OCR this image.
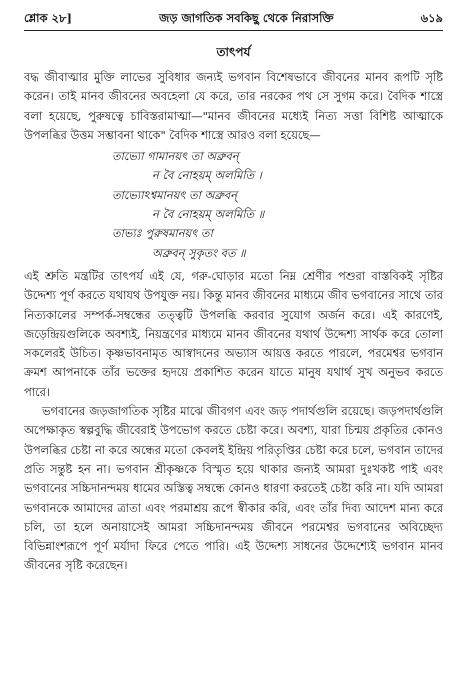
শ্লোক ২৮]	জড় জাগতিক সবকিছু থেকে নিরাসক্তি	৬১৯
তাৎপর্য

বদ্ধ জীবাত্মার মুক্তি লাভের সুবিধার জন্যই ভগবান বিশেষভাবে জীবনের মানব রূপটি সৃষ্টি করেন। তাই মানব জীবনের অবহেলা যে করে, তার নরকের পথ সে সুগম করে। বৈদিক শাস্ত্রে বলা হয়েছে, পুরুষত্বে চাবিস্তরামাত্মা—"মানব জীবনের মধ্যেই নিত্য সত্তা বিশিষ্ট আত্মাকে উপলব্ধির উত্তম সম্ভাবনা থাকে" বৈদিক শাস্ত্রে আরও বলা হয়েছে—

তাভ্যো গামানয়ৎ তা অব্রুবন্
ন বৈ নোহয়ম্ অলমিতি ।
তাভ্যোঽশ্বমানয়ৎ তা অব্রুবন্
ন বৈ নোহয়ম্ অলমিতি ॥
তাভ্যঃ পুরুষমানয়ৎ তা
অব্রুবন্ সুকৃতং বত ॥

এই শ্রুতি মন্ত্রটির তাৎপর্য এই যে, গরু-ঘোড়ার মতো নিম্ন শ্রেণীর পশুরা বাস্তবিকই সৃষ্টির উদ্দেশ্য পূর্ণ করতে যথাযথ উপযুক্ত নয়। কিন্তু মানব জীবনের মাধ্যমে জীব ভগবানের সাথে তার নিত্যকালের সম্পর্ক-সম্বন্ধের তত্ত্বটি উপলব্ধি করবার সুযোগ অর্জন করে। এই কারণেই, জড়েন্দ্রিয়গুলিকে অবশ্যই, নিয়ন্ত্রণের মাধ্যমে মানব জীবনের যথার্থ উদ্দেশ্য সার্থক করে তোলা সকলেরই উচিত। কৃষ্ণভাবনামৃত আস্বাদনের অভ্যাস আয়ত্ত করতে পারলে, পরমেশ্বর ভগবান ক্রমশ আপনাকে তাঁর ভক্তের হৃদয়ে প্রকাশিত করেন যাতে মানুষ যথার্থ সুখ অনুভব করতে পারে।

ভগবানের জড়জাগতিক সৃষ্টির মাঝে জীবগণ এবং জড় পদার্থগুলি রয়েছে। জড়পদার্থগুলি অপেক্ষাকৃত স্বল্পবুদ্ধি জীবেরাই উপভোগ করতে চেষ্টা করে। অবশ্য, যারা চিন্ময় প্রকৃতির কোনও উপলব্ধির চেষ্টা না করে অন্ধের মতো কেবলই ইন্দ্রিয় পরিতৃপ্তির চেষ্টা করে চলে, ভগবান তাদের প্রতি সন্তুষ্ট হন না। ভগবান শ্রীকৃষ্ণকে বিস্মৃত হয়ে থাকার জন্যই আমরা দুঃখকষ্ট পাই এবং ভগবানের সচ্চিদানন্দময় ধামের অস্তিত্ব সম্বন্ধে কোনও ধারণা করতেই চেষ্টা করি না। যদি আমরা ভগবানকে আমাদের ত্রাতা এবং পরমাশ্রয় রূপে স্বীকার করি, এবং তাঁর দিব্য আদেশ মান্য করে চলি, তা হলে অনায়াসেই আমরা সচ্চিদানন্দময় জীবনে পরমেশ্বর ভগবানের অবিচ্ছেদ্য বিভিন্নাংশরূপে পূর্ণ মর্যাদা ফিরে পেতে পারি। এই উদ্দেশ্য সাধনের উদ্দেশ্যেই ভগবান মানব জীবনের সৃষ্টি করেছেন।
